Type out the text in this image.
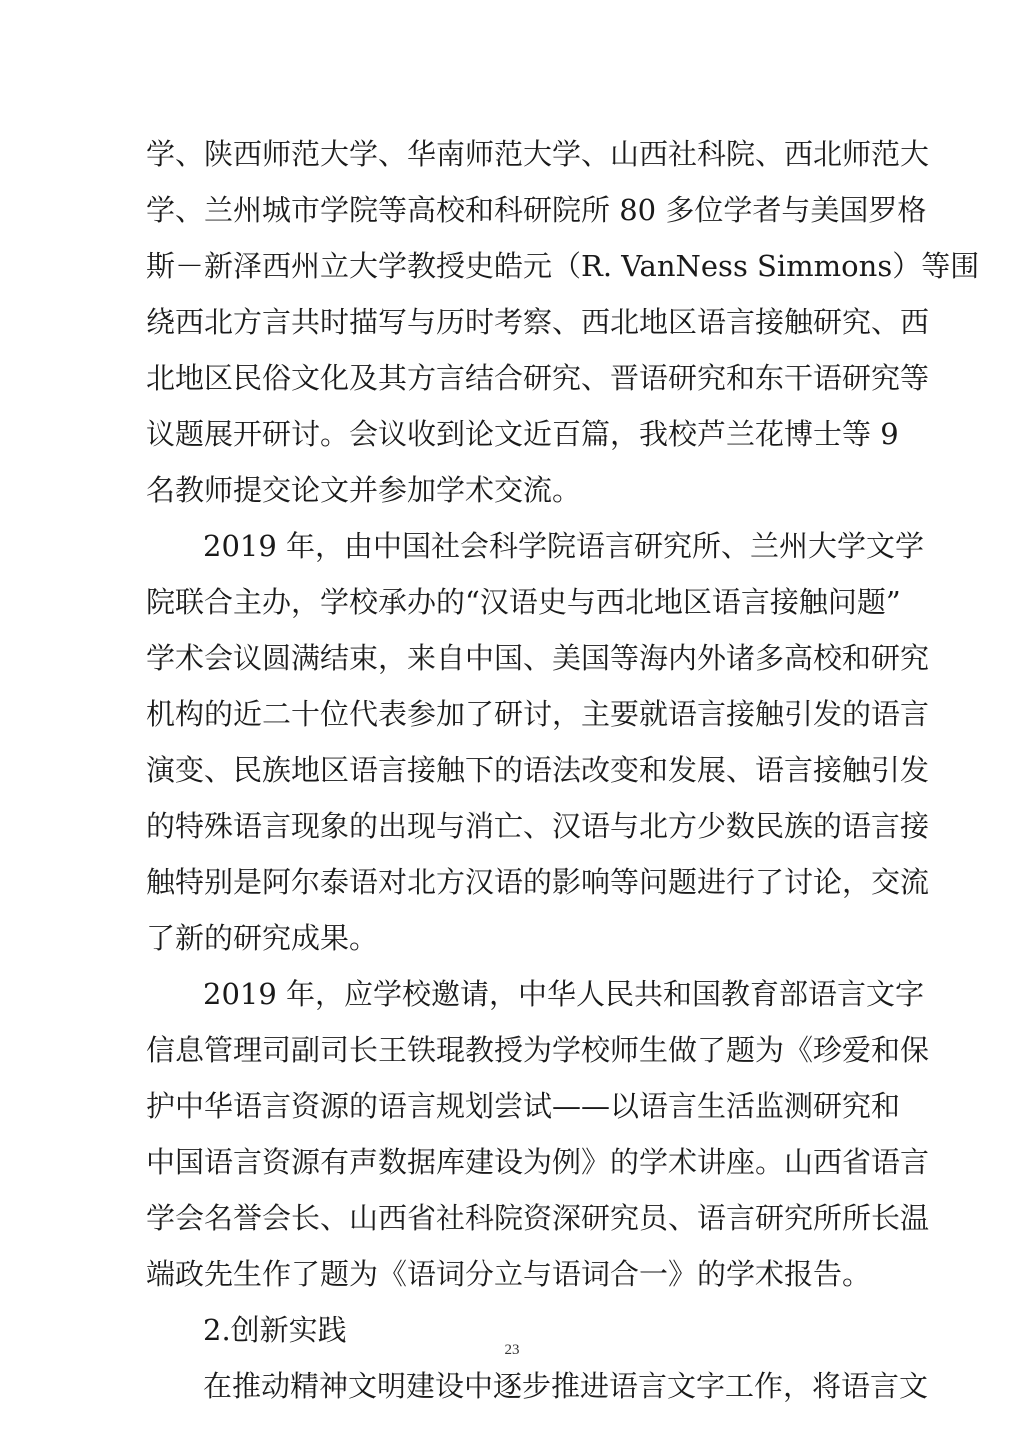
学、陕西师范大学、华南师范大学、山西社科院、西北师范大
学、兰州城市学院等高校和科研院所 80 多位学者与美国罗格
斯－新泽西州立大学教授史皓元（R. VanNess Simmons）等围
绕西北方言共时描写与历时考察、西北地区语言接触研究、西
北地区民俗文化及其方言结合研究、晋语研究和东干语研究等
议题展开研讨。会议收到论文近百篇，我校芦兰花博士等 9
名教师提交论文并参加学术交流。
2019 年，由中国社会科学院语言研究所、兰州大学文学
院联合主办，学校承办的“汉语史与西北地区语言接触问题”
学术会议圆满结束，来自中国、美国等海内外诸多高校和研究
机构的近二十位代表参加了研讨，主要就语言接触引发的语言
演变、民族地区语言接触下的语法改变和发展、语言接触引发
的特殊语言现象的出现与消亡、汉语与北方少数民族的语言接
触特别是阿尔泰语对北方汉语的影响等问题进行了讨论，交流
了新的研究成果。
2019 年，应学校邀请，中华人民共和国教育部语言文字
信息管理司副司长王铁琨教授为学校师生做了题为《珍爱和保
护中华语言资源的语言规划尝试——以语言生活监测研究和
中国语言资源有声数据库建设为例》的学术讲座。山西省语言
学会名誉会长、山西省社科院资深研究员、语言研究所所长温
端政先生作了题为《语词分立与语词合一》的学术报告。
2.创新实践
在推动精神文明建设中逐步推进语言文字工作，将语言文
23
